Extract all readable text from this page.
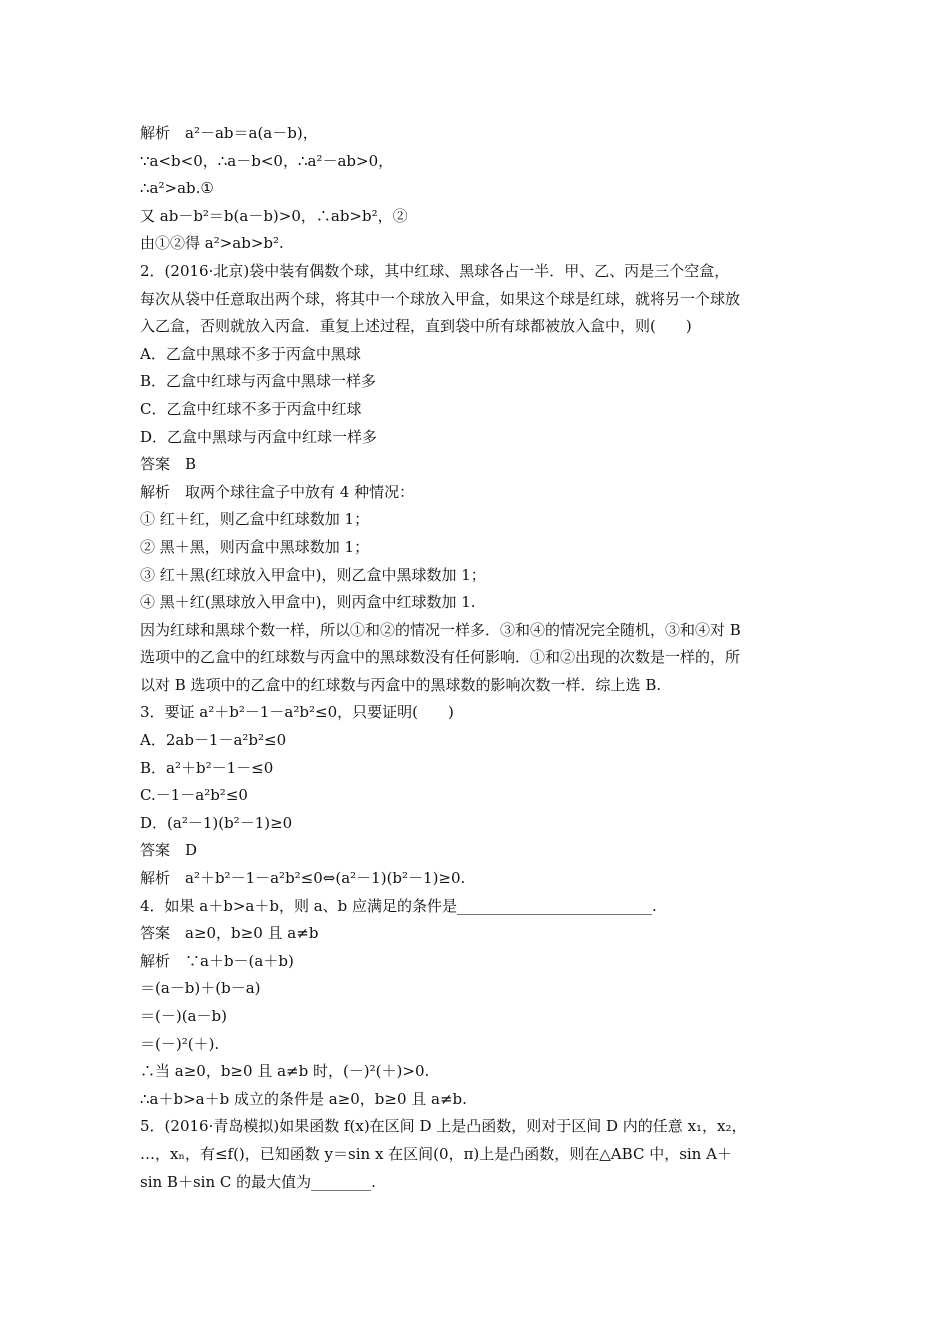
解析　a²－ab＝a(a－b)，
∵a<b<0，∴a－b<0，∴a²－ab>0，
∴a²>ab.①
又 ab－b²＝b(a－b)>0，∴ab>b²，②
由①②得 a²>ab>b².
2．(2016·北京)袋中装有偶数个球，其中红球、黑球各占一半．甲、乙、丙是三个空盒，
每次从袋中任意取出两个球，将其中一个球放入甲盒，如果这个球是红球，就将另一个球放
入乙盒，否则就放入丙盒．重复上述过程，直到袋中所有球都被放入盒中，则(　　)
A．乙盒中黑球不多于丙盒中黑球
B．乙盒中红球与丙盒中黑球一样多
C．乙盒中红球不多于丙盒中红球
D．乙盒中黑球与丙盒中红球一样多
答案　B
解析　取两个球往盒子中放有 4 种情况：
① 红＋红，则乙盒中红球数加 1；
② 黑＋黑，则丙盒中黑球数加 1；
③ 红＋黑(红球放入甲盒中)，则乙盒中黑球数加 1；
④ 黑＋红(黑球放入甲盒中)，则丙盒中红球数加 1.
因为红球和黑球个数一样，所以①和②的情况一样多．③和④的情况完全随机，③和④对 B
选项中的乙盒中的红球数与丙盒中的黑球数没有任何影响．①和②出现的次数是一样的，所
以对 B 选项中的乙盒中的红球数与丙盒中的黑球数的影响次数一样．综上选 B.
3．要证 a²＋b²－1－a²b²≤0，只要证明(　　)
A．2ab－1－a²b²≤0
B．a²＋b²－1－≤0
C.－1－a²b²≤0
D．(a²－1)(b²－1)≥0
答案　D
解析　a²＋b²－1－a²b²≤0⇔(a²－1)(b²－1)≥0.
4．如果 a＋b>a＋b，则 a、b 应满足的条件是__________________________.
答案　a≥0，b≥0 且 a≠b
解析　∵a＋b－(a＋b)
＝(a－b)＋(b－a)
＝(－)(a－b)
＝(－)²(＋).
∴当 a≥0，b≥0 且 a≠b 时，(－)²(＋)>0.
∴a＋b>a＋b 成立的条件是 a≥0，b≥0 且 a≠b.
5．(2016·青岛模拟)如果函数 f(x)在区间 D 上是凸函数，则对于区间 D 内的任意 x₁，x₂，
…，xₙ，有≤f()，已知函数 y＝sin x 在区间(0，π)上是凸函数，则在△ABC 中，sin A＋
sin B＋sin C 的最大值为________.
